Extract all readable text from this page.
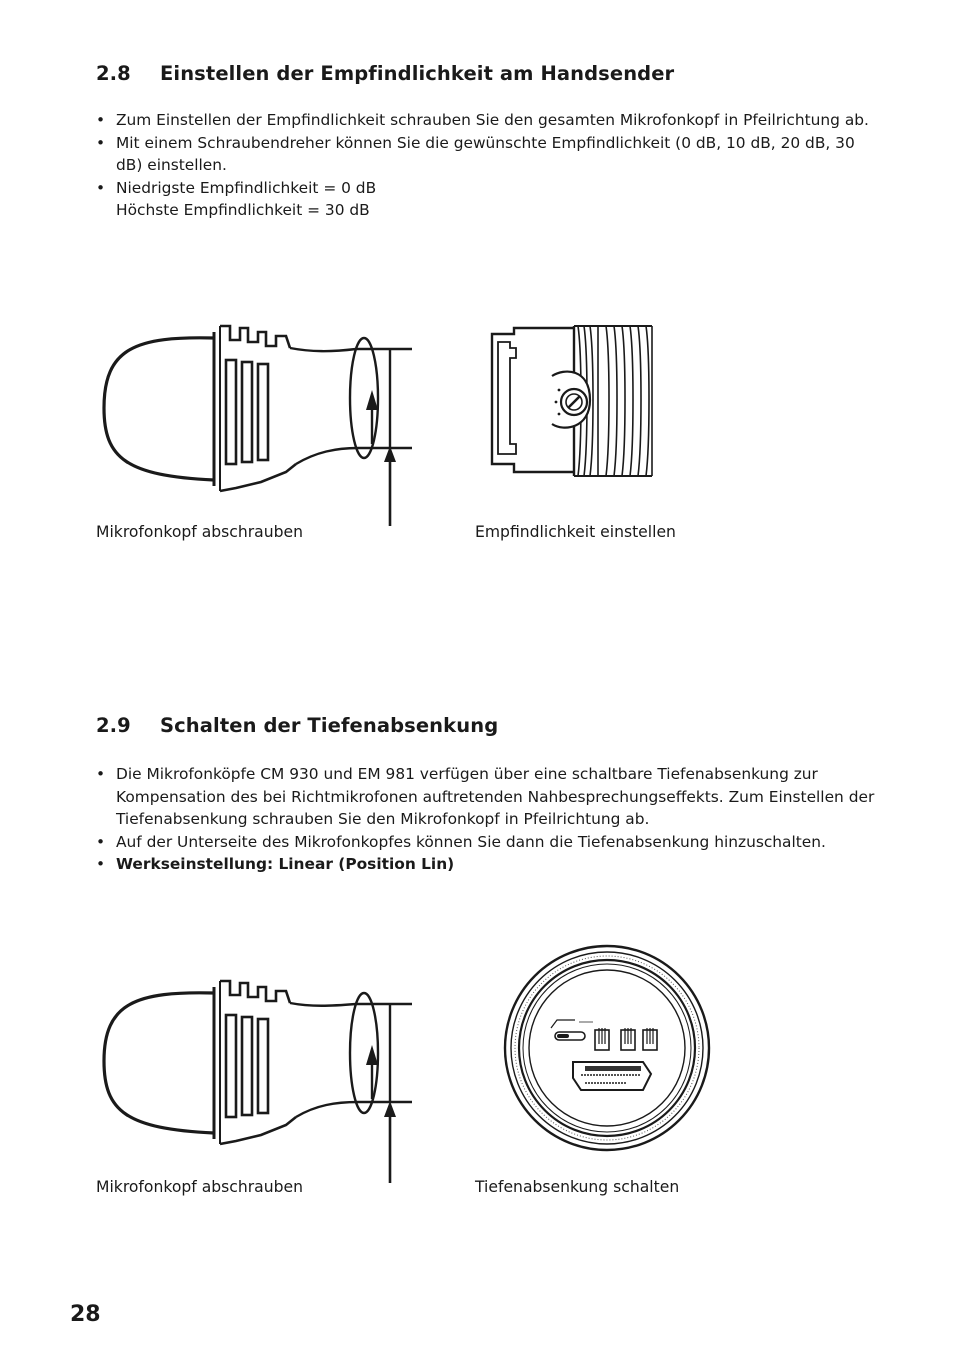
2.8 Einstellen der Empfindlichkeit am Handsender
• Zum Einstellen der Empfindlichkeit schrauben Sie den gesamten Mikrofonkopf in Pfeilrichtung ab.
• Mit einem Schraubendreher können Sie die gewünschte Empfindlichkeit (0 dB, 10 dB, 20 dB, 30 dB) einstellen.
• Niedrigste Empfindlichkeit = 0 dB
Höchste Empfindlichkeit = 30 dB
Mikrofonkopf abschrauben	Empfindlichkeit einstellen
2.9 Schalten der Tiefenabsenkung
• Die Mikrofonköpfe CM 930 und EM 981 verfügen über eine schaltbare Tiefenabsenkung zur Kompensation des bei Richtmikrofonen auftretenden Nahbesprechungseffekts. Zum Einstellen der Tiefenabsenkung schrauben Sie den Mikrofonkopf in Pfeilrichtung ab.
• Auf der Unterseite des Mikrofonkopfes können Sie dann die Tiefenabsenkung hinzuschalten.
• Werkseinstellung: Linear (Position Lin)
Mikrofonkopf abschrauben	Tiefenabsenkung schalten
28
